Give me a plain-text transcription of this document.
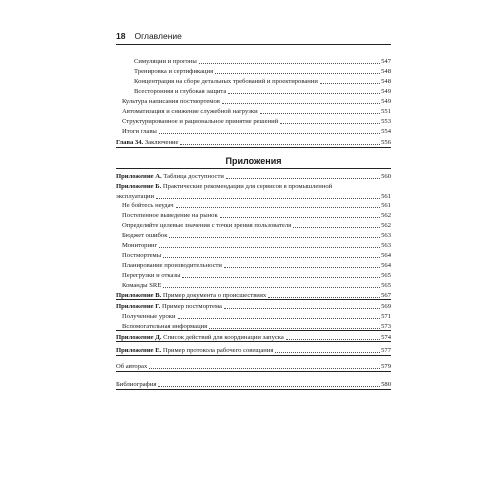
18 Оглавление
Приложения
Симуляции и прогоны	547
Тренировка и сертификация	548
Концентрация на сборе детальных требований и проектировании	548
Всесторонняя и глубокая защита	549
Культура написания постмортемов	549
Автоматизация и снижение служебной нагрузки	551
Структурированное и рациональное принятие решений	553
Итоги главы	554
Глава 34. Заключение	556
Приложение А. Таблица доступности	560
Приложение Б. Практические рекомендации для сервисов в промышленной
эксплуатации	561
Не бойтесь неудач	561
Постепенное выведение на рынок	562
Определяйте целевые значения с точки зрения пользователя	562
Бюджет ошибок	563
Мониторинг	563
Постмортемы	564
Планирование производительности	564
Перегрузки и отказы	565
Команды SRE	565
Приложение В. Пример документа о происшествиях	567
Приложение Г. Пример постмортема	569
Полученные уроки	571
Вспомогательная информация	573
Приложение Д. Список действий для координации запуска	574
Приложение Е. Пример протокола рабочего совещания	577
Об авторах	579
Библиография	580
